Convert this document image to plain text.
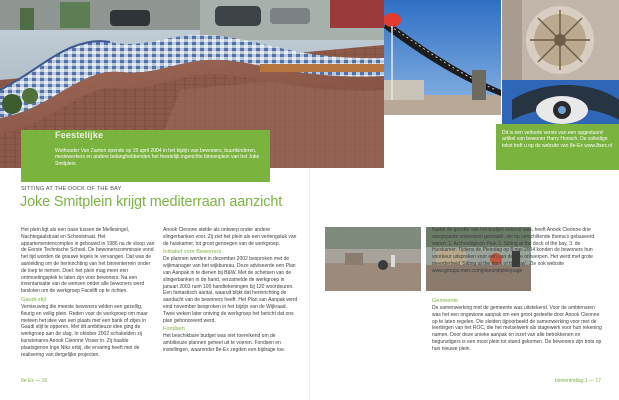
Feestelijke
Wethouder Van Zanten opende op 19 april 2004 in het bijzijn van bewoners, buurtkinderen, medewerkers en andere belanghebbenden het feestelijk ingerichte binnenplein van het Joke Smitplein.
Dit is een verkorte versie van een opgestuurd artikel van bewoner Harry Honsch. De volledige tekst treft u op de website van 8e-Ex www.8sex.nl
SITTING AT THE DOCK OF THE BAY
Joke Smitplein krijgt mediterraan aanzicht

Het plein ligt als een oase tussen de Mellesingel, Nachtegaalstraat en Schoolstraat. Het appartementencomplex is gebouwd in 1986 na de sloop van de Eerste Technische School. De bewonerscommissie vond het tijd worden de grauwe tegels te vervangen. Dat was de aanleiding om de herinrichting van het binnenterrein onder de loep te nemen. Doel: het plein mag meer een ontmoetingsplek te laten zijn voor bewoners. Na een inventarisatie van de wensen onder alle bewoners werd besloten om de werkgroep Facelift op te richten.

Gaudi-stijl

Vernieuwing die meeste bewoners wilden een gezellig, fleurig en veilig plein. Reden voor de werkgroep om maar meteen het idee van een plaats met een bank of zitjes in Gaudi stijl te opperen. Met dit ambitieuze idee ging de werkgroep aan de slag. In oktober 2002 schakelden zij kunstenares Anook Cleonne Visser in. Zij haalde plaatsgenoe Inge Niks erbij, die ervaring heeft met de realisering van dergelijke projecten.

Anook Cleonne stelde als ontwerp onder andere slingerbanken voor. Zij ziet het plein als een verlengstuk van de huiskamer, tot groot genoegen van de werkgroep.

Initiatief voor Bewoners

De plannen werden in december 2002 besproken met de wijkmanager van het wijkbureau. Deze adviseerde een Plan van Aanpak in te dienen bij B&W. Met de schetsen van de slingerbanken in de hand, verzamelde de werkgroep in januari 2003 ruim 100 handtekeningen bij 120 woordeuren. Een fantastisch aantal, waaruit blijkt dat herinrichting de aandacht van de bewoners heeft. Het Plan van Aanpak werd eind november besproken in het bijzijn van de Wijkraad. Twee weken later ontving de werkgroep het bericht dat ons plan gehonoreerd werd.

Fondsen

Het beschikbare budget was niet toereikend om de ambitieuze plannen geheel uit te voeren. Fondsen en instellingen, waaronder 8e-Ex zegden een bijdrage toe.

Nadat de grootte van het budget bekend was, heeft Anook Cleonne drie aangepaste ontwerpen gemaakt, die op verschillende thema's gebaseerd waren: 1. Archeologisch Park 2. Sitting at the dock of the bay, 3. de Huiskamer. Tijdens de Pleindag op 8 mei 2004 konden de bewoners hun voorkeur uitspreken voor een van de drie ontwerpen. Het werd met grote meerderheid 'Sitting at the dock of the bay'. Zie ook website www.groups.msn.com/jokesmitpleinpage

Gemeente

De samenwerking met de gemeente was uitstekend. Voor de ambtenaren was het een ongewone aanpak om een groot gedeelte door Anook Cleonne op te laten regelen. Die sleiden tijpoorbeeld de samenwerking voor met de leerlingen van het ROC, die het metselwerk als stagewerk voor hun rekening namen. Door deze unieke aanpak en inzet van alle betrokkenen en begunstigers is een mooi plein tot stand gekomen. De bewoners zijn trots op hun nieuwe plein.

8e Ex — 16	binnentridlag 1 — 17
